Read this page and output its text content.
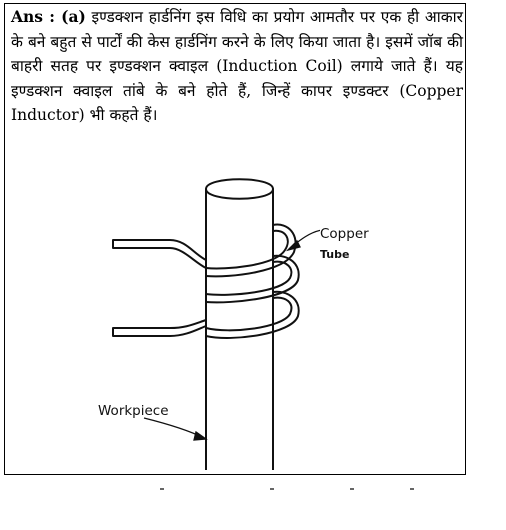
Ans : (a) इण्डक्शन हार्डनिंग इस विधि का प्रयोग आमतौर पर एक ही आकार के बने बहुत से पार्टों की केस हार्डनिंग करने के लिए किया जाता है। इसमें जॉब की बाहरी सतह पर इण्डक्शन क्वाइल (Induction Coil) लगाये जाते हैं। यह इण्डक्शन क्वाइल तांबे के बने होते हैं, जिन्हें कापर इण्डक्टर (Copper Inductor) भी कहते हैं।
Copper
Tube
Workpiece
